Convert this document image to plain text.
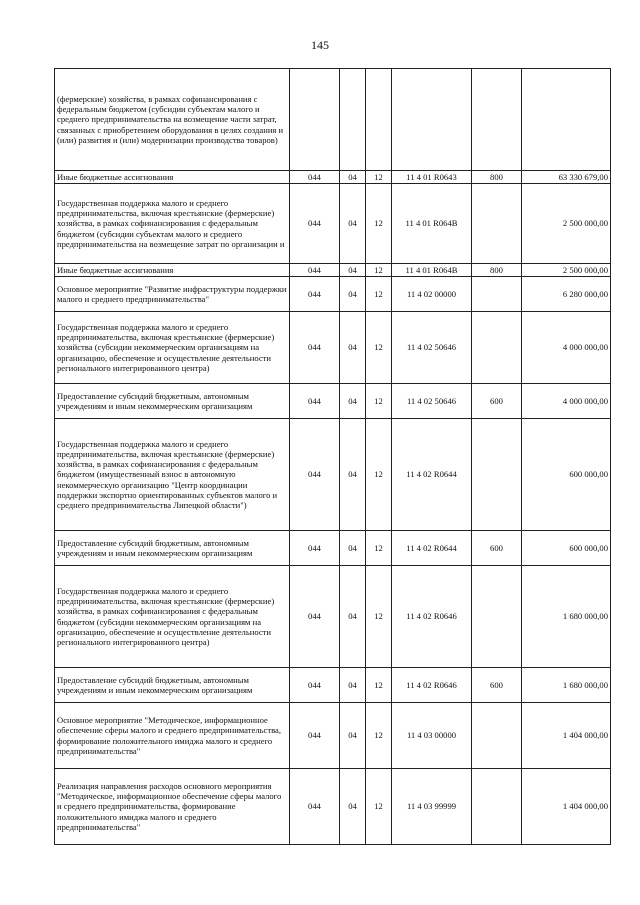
145
(фермерские) хозяйства, в рамках софинансирования с федеральным бюджетом (субсидии субъектам малого и среднего предпринимательства на возмещение части затрат, связанных с приобретением оборудования в целях создания и (или) развития и (или) модернизации производства товаров)						
Иные бюджетные ассигнования	044	04	12	11 4 01 R0643	800	63 330 679,00
Государственная поддержка малого и среднего предпринимательства, включая крестьянские (фермерские) хозяйства, в рамках софинансирования с федеральным бюджетом (субсидии субъектам малого и среднего предпринимательства на возмещение затрат по организации и	044	04	12	11 4 01 R064В		2 500 000,00
Иные бюджетные ассигнования	044	04	12	11 4 01 R064В	800	2 500 000,00
Основное мероприятие "Развитие инфраструктуры поддержки малого и среднего предпринимательства"	044	04	12	11 4 02 00000		6 280 000,00
Государственная поддержка малого и среднего предпринимательства, включая крестьянские (фермерские) хозяйства (субсидии некоммерческим организациям на организацию, обеспечение и осуществление деятельности регионального интегрированного центра)	044	04	12	11 4 02 50646		4 000 000,00
Предоставление субсидий бюджетным, автономным учреждениям и иным некоммерческим организациям	044	04	12	11 4 02 50646	600	4 000 000,00
Государственная поддержка малого и среднего предпринимательства, включая крестьянские (фермерские) хозяйства, в рамках софинансирования с федеральным бюджетом (имущественный взнос в автономную некоммерческую организацию "Центр координации поддержки экспортно ориентированных субъектов малого и среднего предпринимательства Липецкой области")	044	04	12	11 4 02 R0644		600 000,00
Предоставление субсидий бюджетным, автономным учреждениям и иным некоммерческим организациям	044	04	12	11 4 02 R0644	600	600 000,00
Государственная поддержка малого и среднего предпринимательства, включая крестьянские (фермерские) хозяйства, в рамках софинансирования с федеральным бюджетом (субсидии некоммерческим организациям на организацию, обеспечение и осуществление деятельности регионального интегрированного центра)	044	04	12	11 4 02 R0646		1 680 000,00
Предоставление субсидий бюджетным, автономным учреждениям и иным некоммерческим организациям	044	04	12	11 4 02 R0646	600	1 680 000,00
Основное мероприятие "Методическое, информационное обеспечение сферы малого и среднего предпринимательства, формирование положительного имиджа малого и среднего предпринимательства"	044	04	12	11 4 03 00000		1 404 000,00
Реализация направления расходов основного мероприятия "Методическое, информационное обеспечение сферы малого и среднего предпринимательства, формирование положительного имиджа малого и среднего предпринимательства"	044	04	12	11 4 03 99999		1 404 000,00
